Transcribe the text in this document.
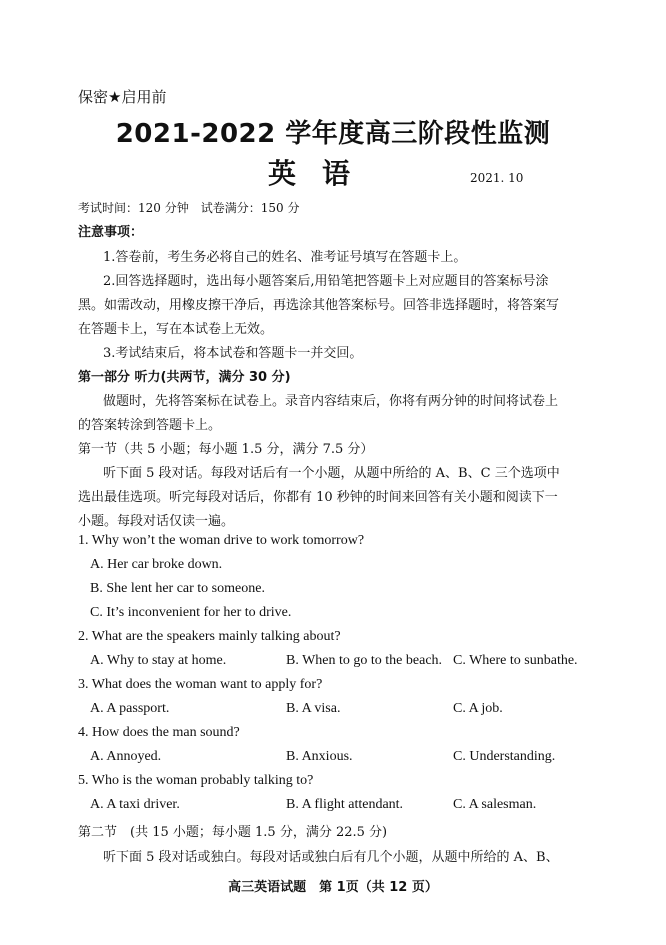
保密★启用前
2021-2022 学年度高三阶段性监测
英语	2021. 10
考试时间：120 分钟　试卷满分：150 分
注意事项：
1.答卷前，考生务必将自己的姓名、准考证号填写在答题卡上。
2.回答选择题时，选出每小题答案后,用铅笔把答题卡上对应题目的答案标号涂
黑。如需改动，用橡皮擦干净后，再选涂其他答案标号。回答非选择题时，将答案写
在答题卡上，写在本试卷上无效。
3.考试结束后，将本试卷和答题卡一并交回。
第一部分 听力(共两节，满分 30 分)
做题时，先将答案标在试卷上。录音内容结束后，你将有两分钟的时间将试卷上
的答案转涂到答题卡上。
第一节（共 5 小题；每小题 1.5 分，满分 7.5 分）
听下面 5 段对话。每段对话后有一个小题，从题中所给的 A、B、C 三个选项中
选出最佳选项。听完每段对话后，你都有 10 秒钟的时间来回答有关小题和阅读下一
小题。每段对话仅读一遍。
1. Why won’t the woman drive to work tomorrow?
A. Her car broke down.
B. She lent her car to someone.
C. It’s inconvenient for her to drive.
2. What are the speakers mainly talking about?
A. Why to stay at home.	B. When to go to the beach. C. Where to sunbathe.
3. What does the woman want to apply for?
A. A passport.	B. A visa.	C. A job.
4. How does the man sound?
A. Annoyed.	B. Anxious.	C. Understanding.
5. Who is the woman probably talking to?
A. A taxi driver.	B. A flight attendant.	C. A salesman.
第二节　(共 15 小题；每小题 1.5 分，满分 22.5 分)
听下面 5 段对话或独白。每段对话或独白后有几个小题，从题中所给的 A、B、
高三英语试题　第 1页（共 12 页）
